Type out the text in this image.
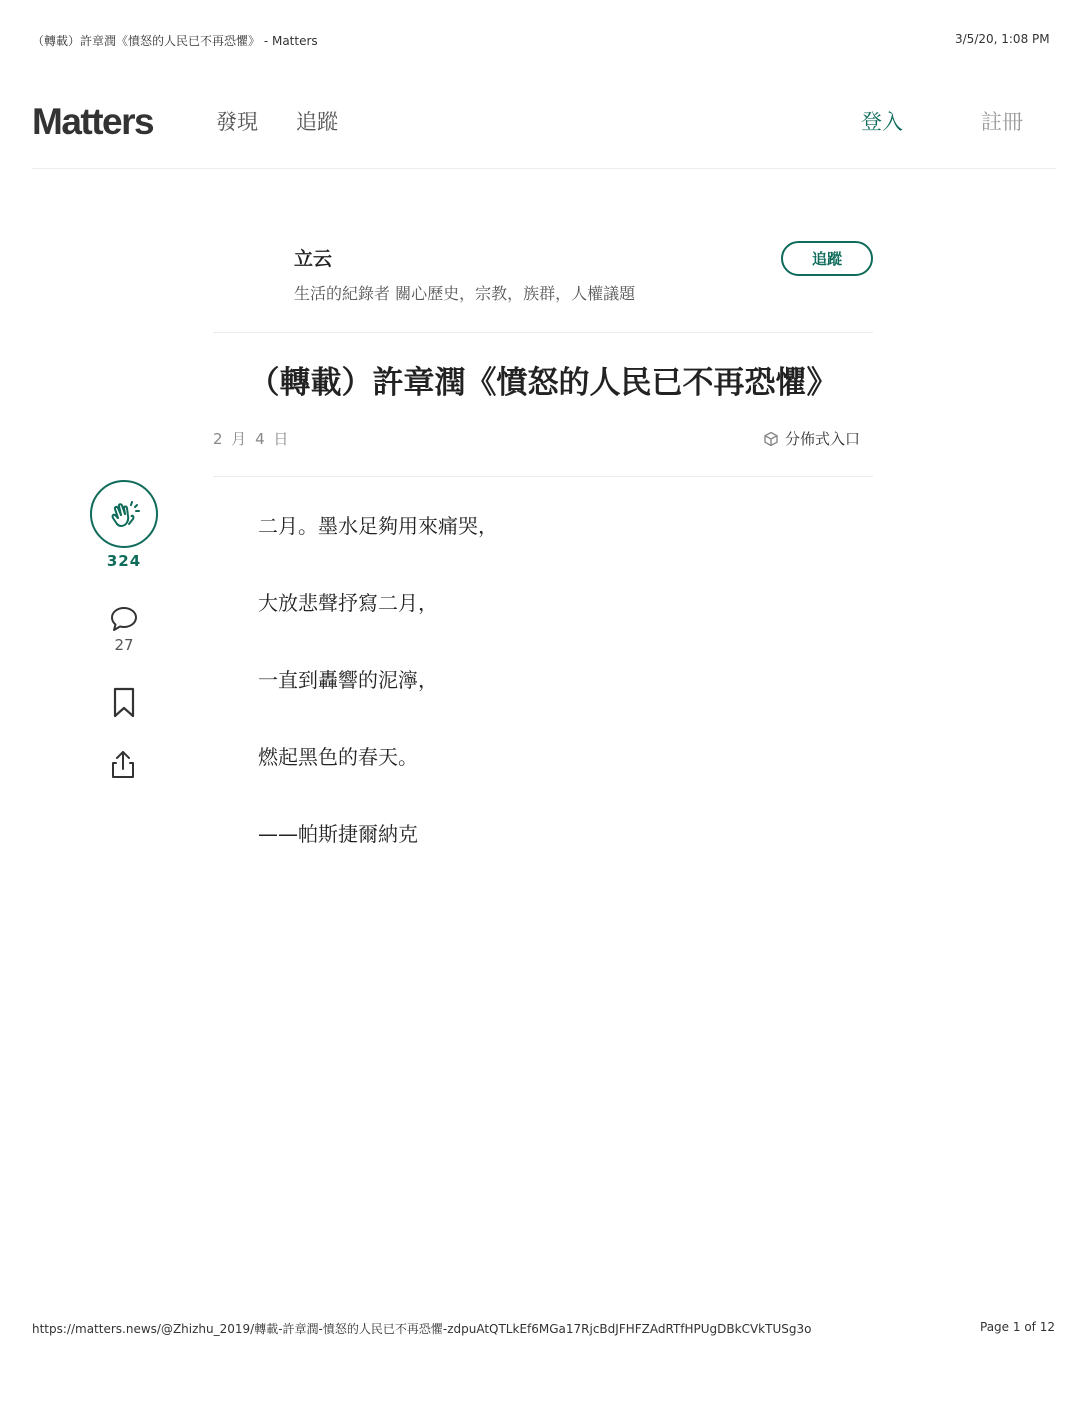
（轉載）許章潤《憤怒的人民已不再恐懼》 - Matters	3/5/20, 1:08 PM
Matters	發現 追蹤	登入	註冊
立云
生活的紀錄者 關心歷史，宗教，族群，人權議題
追蹤
（轉載）許章潤《憤怒的人民已不再恐懼》
2 月 4 日	分佈式入口
324
27

二月。墨水足夠用來痛哭，

大放悲聲抒寫二月，

一直到轟響的泥濘，

燃起黑色的春天。

——帕斯捷爾納克

https://matters.news/@Zhizhu_2019/轉載-許章潤-憤怒的人民已不再恐懼-zdpuAtQTLkEf6MGa17RjcBdJFHFZAdRTfHPUgDBkCVkTUSg3o	Page 1 of 12
